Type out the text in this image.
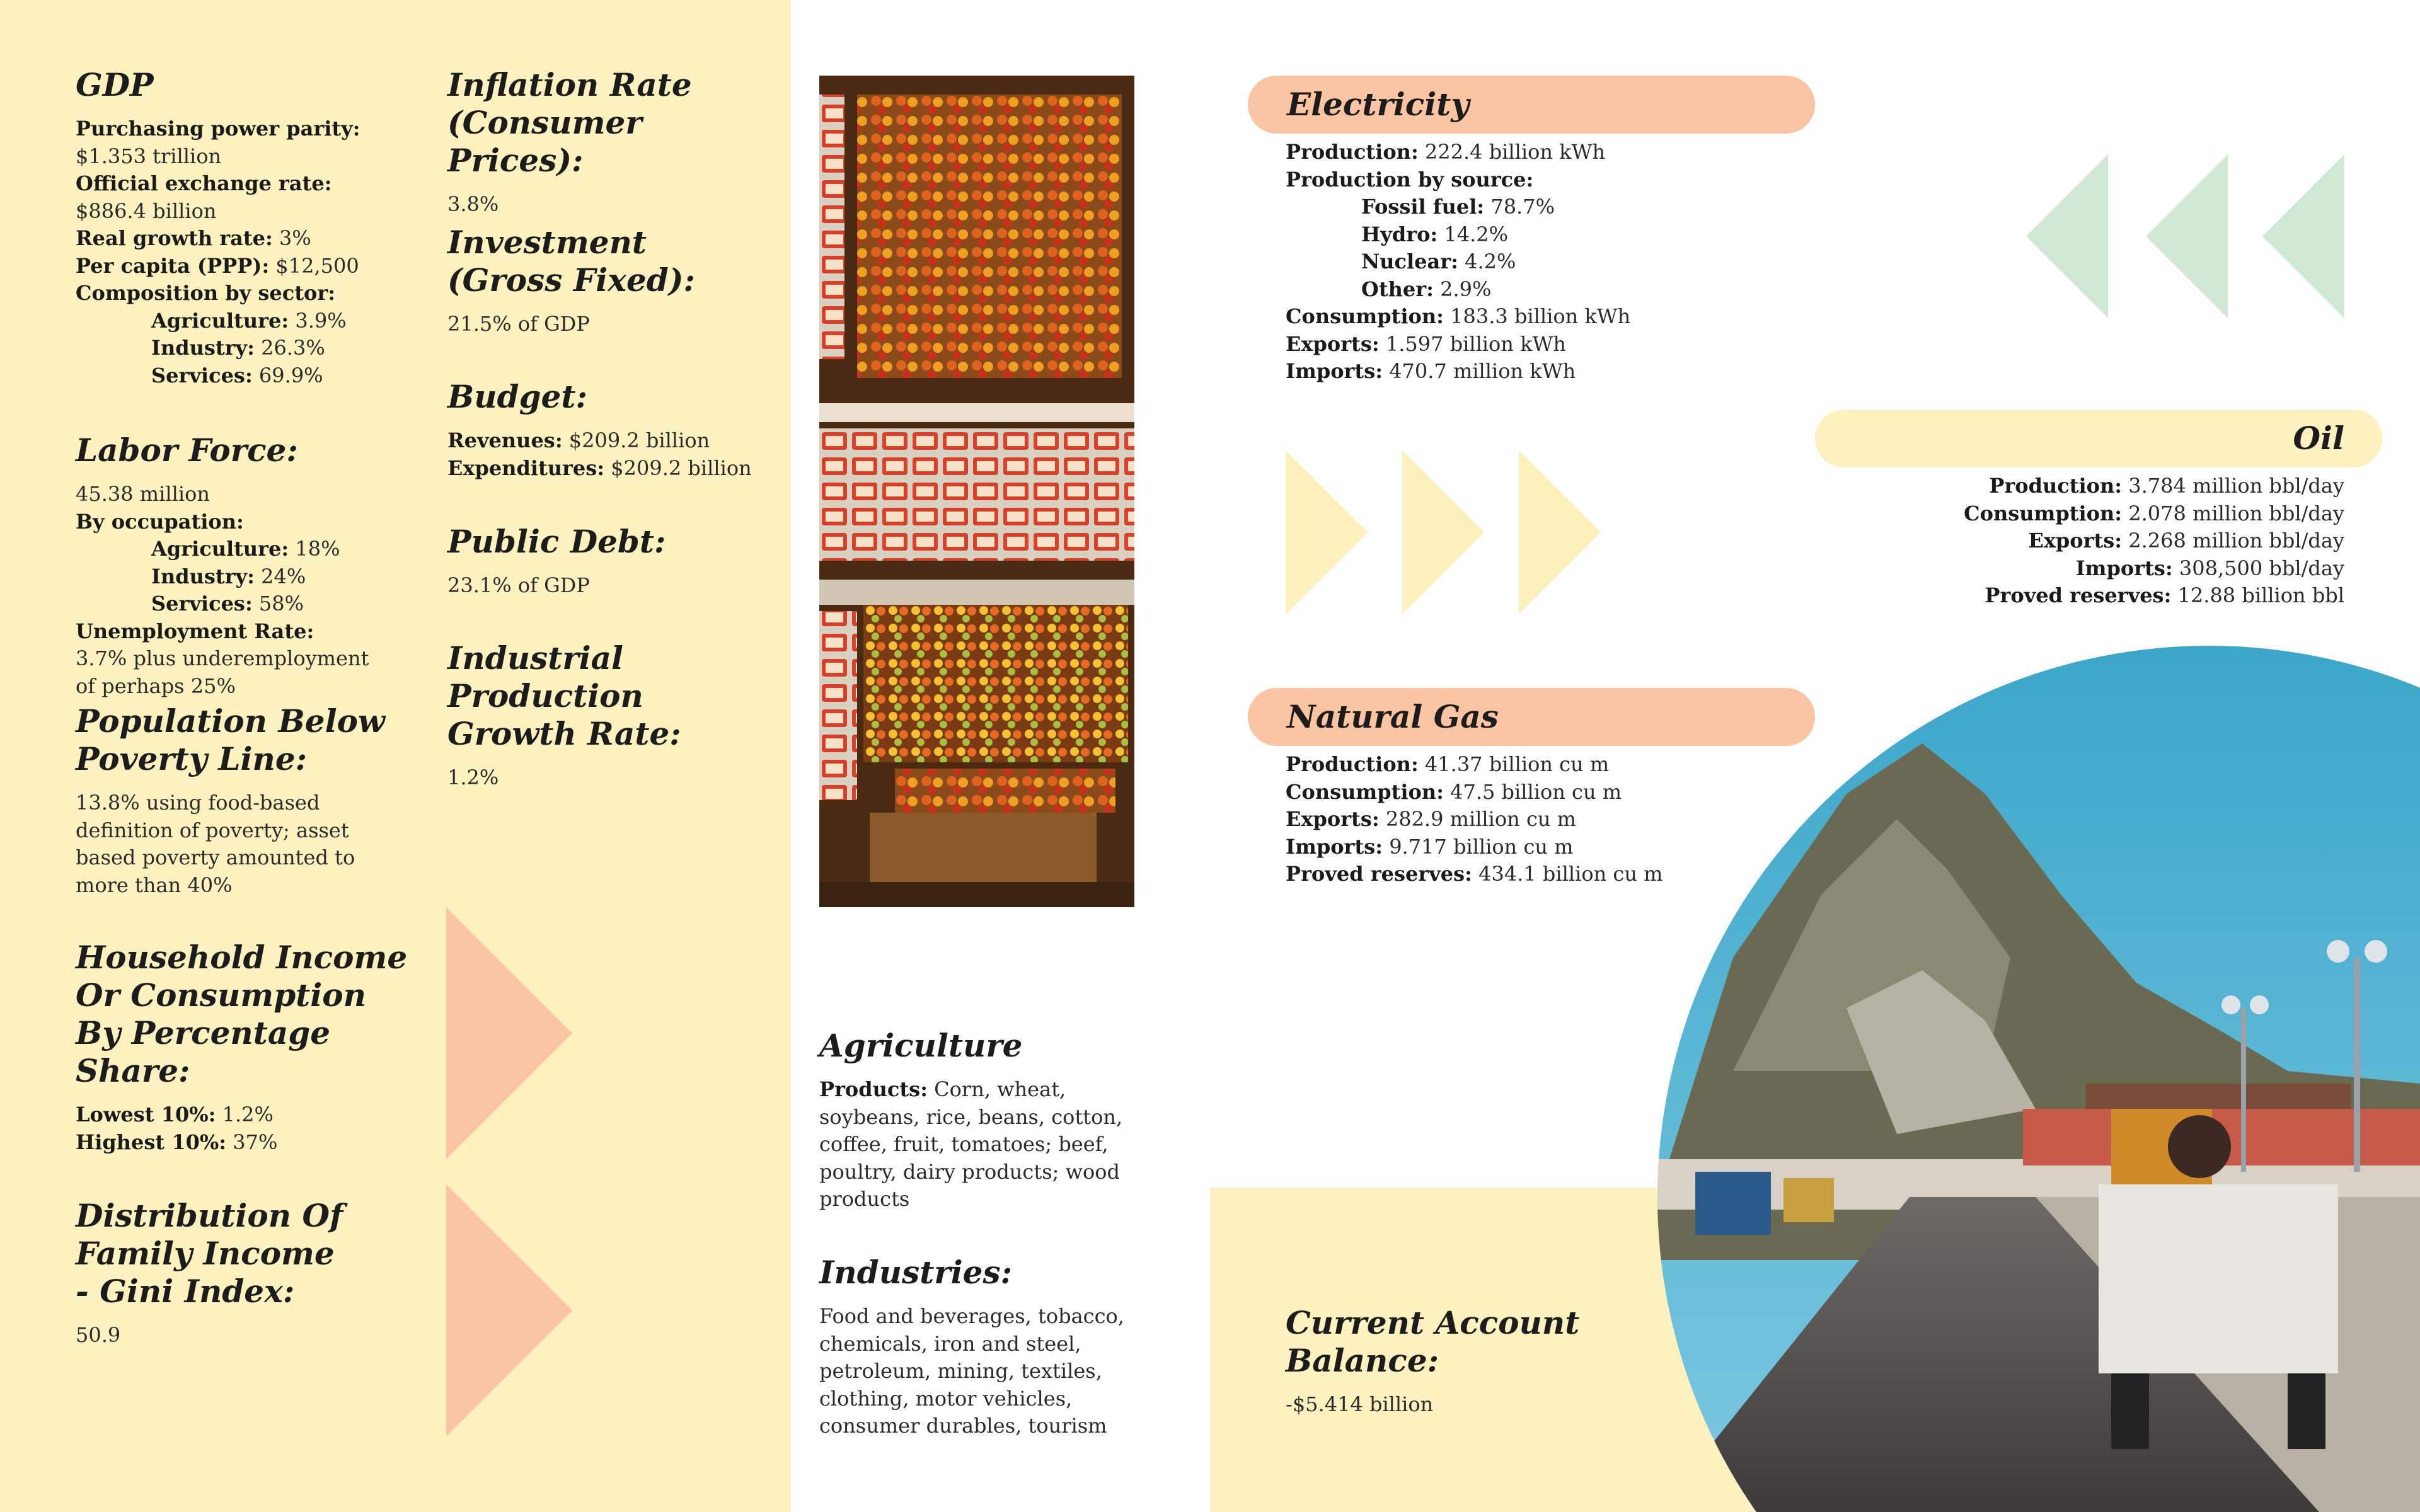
GDP
Purchasing power parity:
$1.353 trillion
Official exchange rate:
$886.4 billion
Real growth rate: 3%
Per capita (PPP): $12,500
Composition by sector:
Agriculture: 3.9%
Industry: 26.3%
Services: 69.9%
Labor Force:
45.38 million
By occupation:
Agriculture: 18%
Industry: 24%
Services: 58%
Unemployment Rate:
3.7% plus underemployment
of perhaps 25%
Population Below
Poverty Line:
13.8% using food-based
definition of poverty; asset
based poverty amounted to
more than 40%
Household Income
Or Consumption
By Percentage
Share:
Lowest 10%: 1.2%
Highest 10%: 37%
Distribution Of
Family Income
- Gini Index:
50.9
Inflation Rate
(Consumer Prices):
3.8%
Investment
(Gross Fixed):
21.5% of GDP
Budget:
Revenues: $209.2 billion
Expenditures: $209.2 billion
Public Debt:
23.1% of GDP
Industrial
Production
Growth Rate:
1.2%
Agriculture
Products: Corn, wheat,
soybeans, rice, beans, cotton,
coffee, fruit, tomatoes; beef,
poultry, dairy products; wood
products
Industries:
Food and beverages, tobacco,
chemicals, iron and steel,
petroleum, mining, textiles,
clothing, motor vehicles,
consumer durables, tourism
Electricity
Production: 222.4 billion kWh
Production by source:
Fossil fuel: 78.7%
Hydro: 14.2%
Nuclear: 4.2%
Other: 2.9%
Consumption: 183.3 billion kWh
Exports: 1.597 billion kWh
Imports: 470.7 million kWh
Oil
Production: 3.784 million bbl/day
Consumption: 2.078 million bbl/day
Exports: 2.268 million bbl/day
Imports: 308,500 bbl/day
Proved reserves: 12.88 billion bbl
Natural Gas
Production: 41.37 billion cu m
Consumption: 47.5 billion cu m
Exports: 282.9 million cu m
Imports: 9.717 billion cu m
Proved reserves: 434.1 billion cu m
Current Account
Balance:
-$5.414 billion
